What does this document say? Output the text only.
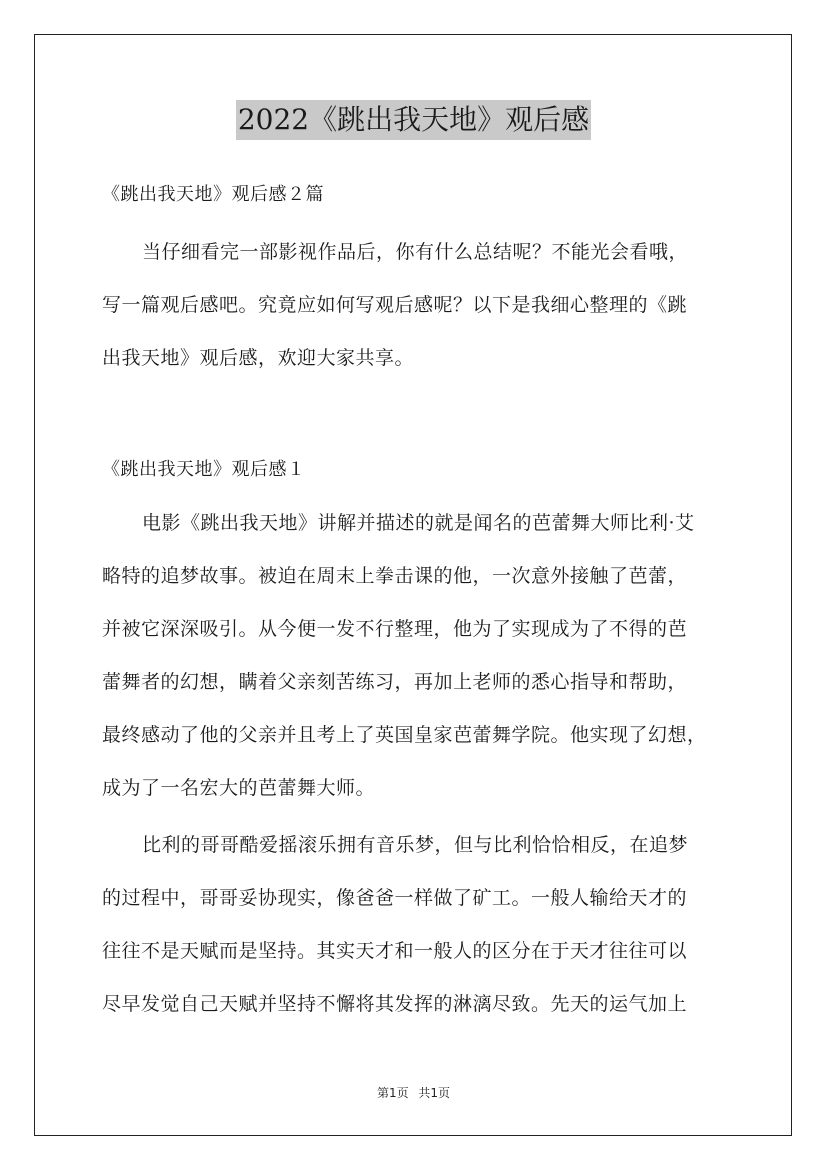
2022《跳出我天地》观后感
《跳出我天地》观后感２篇
当仔细看完一部影视作品后，你有什么总结呢？不能光会看哦，
写一篇观后感吧。究竟应如何写观后感呢？以下是我细心整理的《跳
出我天地》观后感，欢迎大家共享。
《跳出我天地》观后感１
电影《跳出我天地》讲解并描述的就是闻名的芭蕾舞大师比利·艾
略特的追梦故事。被迫在周末上拳击课的他，一次意外接触了芭蕾，
并被它深深吸引。从今便一发不行整理，他为了实现成为了不得的芭
蕾舞者的幻想，瞒着父亲刻苦练习，再加上老师的悉心指导和帮助，
最终感动了他的父亲并且考上了英国皇家芭蕾舞学院。他实现了幻想，
成为了一名宏大的芭蕾舞大师。
比利的哥哥酷爱摇滚乐拥有音乐梦，但与比利恰恰相反，在追梦
的过程中，哥哥妥协现实，像爸爸一样做了矿工。一般人输给天才的
往往不是天赋而是坚持。其实天才和一般人的区分在于天才往往可以
尽早发觉自己天赋并坚持不懈将其发挥的淋漓尽致。先天的运气加上
第1页 共1页
